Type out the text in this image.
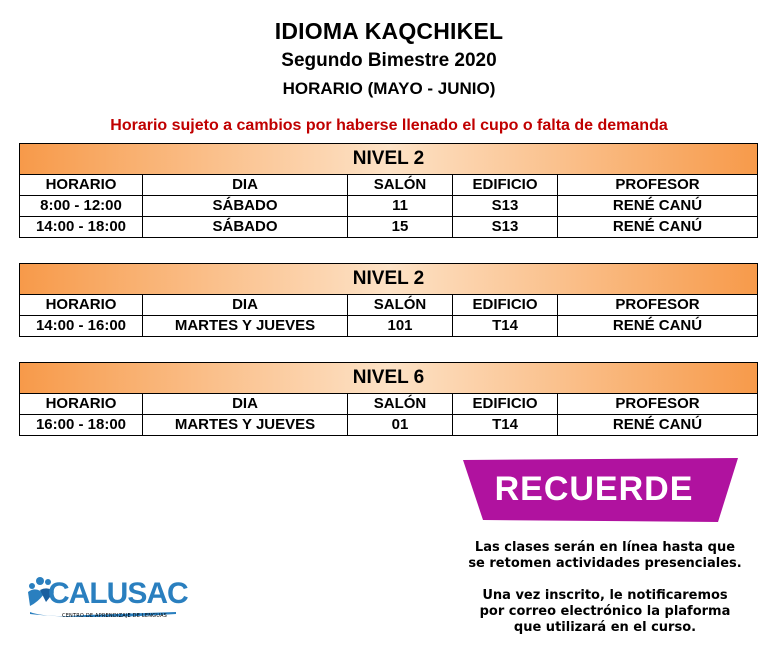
IDIOMA KAQCHIKEL
Segundo Bimestre 2020
HORARIO (MAYO - JUNIO)
Horario sujeto a cambios por haberse llenado el cupo o falta de demanda
NIVEL 2				
HORARIO	DIA	SALÓN	EDIFICIO	PROFESOR
8:00 - 12:00	SÁBADO	11	S13	RENÉ CANÚ
14:00 - 18:00	SÁBADO	15	S13	RENÉ CANÚ
NIVEL 2				
HORARIO	DIA	SALÓN	EDIFICIO	PROFESOR
14:00 - 16:00	MARTES Y JUEVES	101	T14	RENÉ CANÚ
NIVEL 6				
HORARIO	DIA	SALÓN	EDIFICIO	PROFESOR
16:00 - 18:00	MARTES Y JUEVES	01	T14	RENÉ CANÚ
RECUERDE
Las clases serán en línea hasta que
se retomen actividades presenciales.
Una vez inscrito, le notificaremos
por correo electrónico la plaforma
que utilizará en el curso.
CALUSAC
CENTRO DE APRENDIZAJE DE LENGUAS
